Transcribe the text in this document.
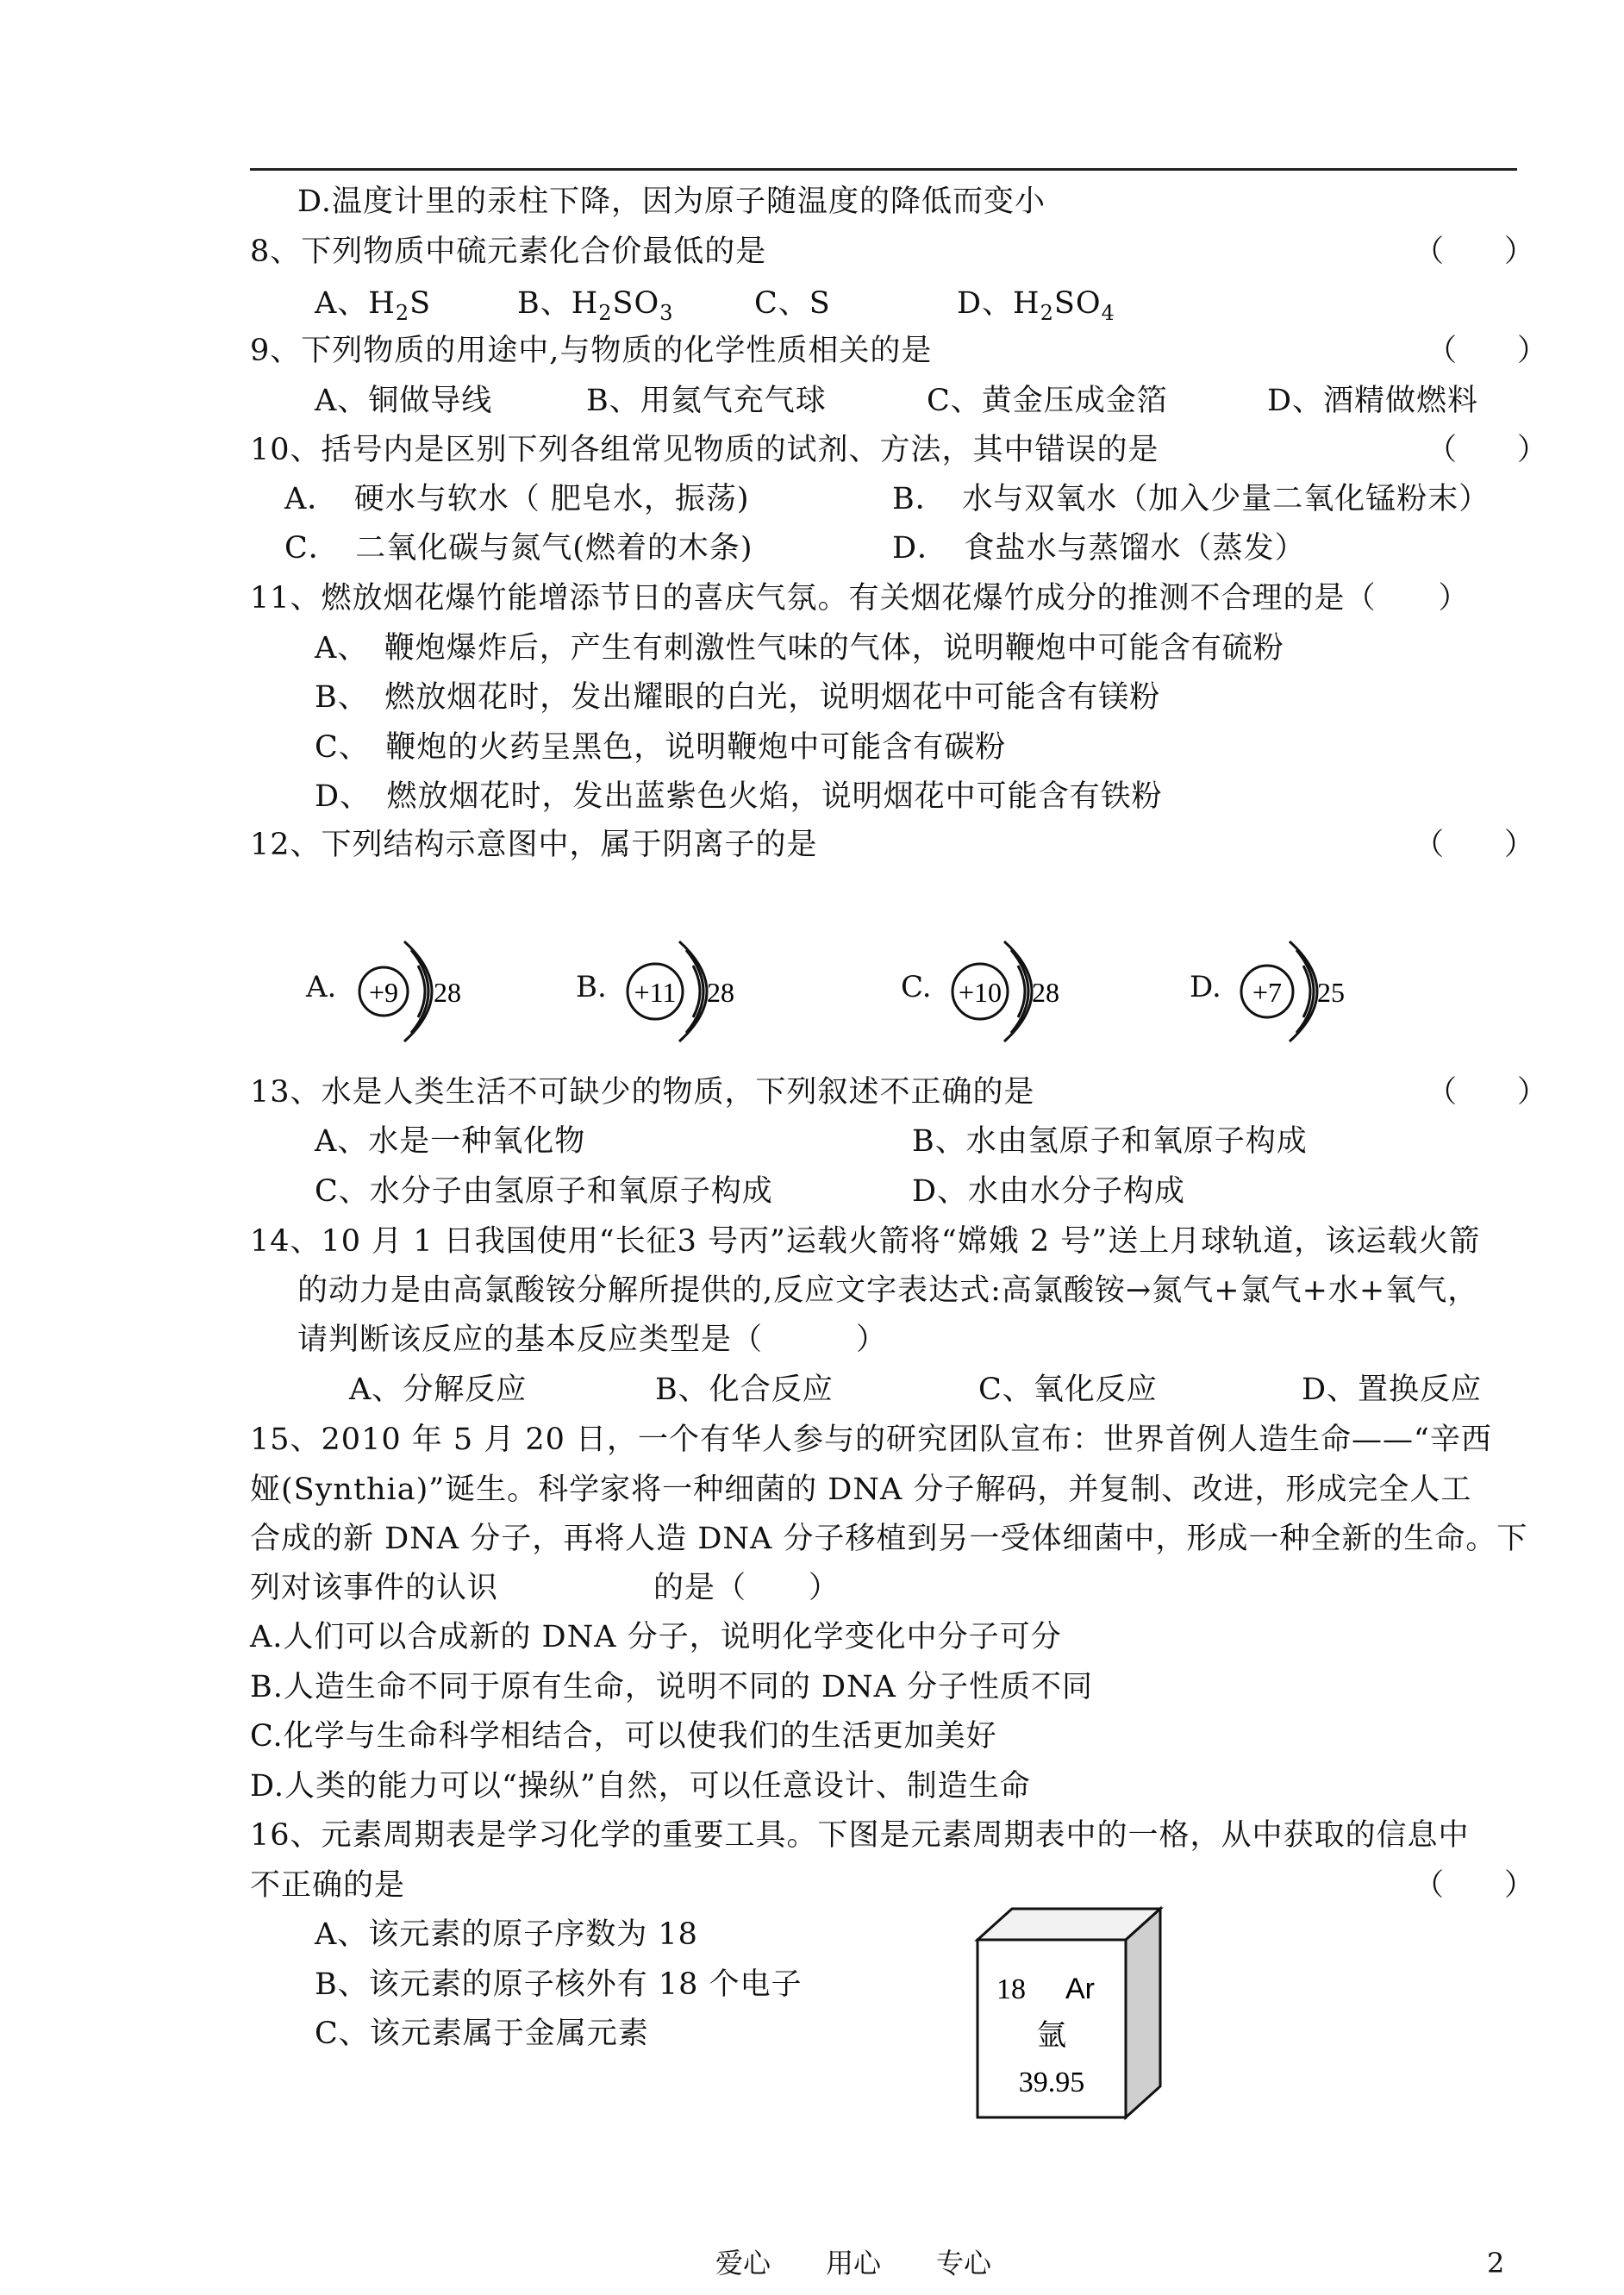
D.温度计里的汞柱下降，因为原子随温度的降低而变小
8、下列物质中硫元素化合价最低的是	（　　）
A、$H_2S$	B、$H_2SO_3$	C、S	D、$H_2SO_4$
9、下列物质的用途中,与物质的化学性质相关的是	（　　）
A、铜做导线	B、用氦气充气球	C、黄金压成金箔	D、酒精做燃料
10、括号内是区别下列各组常见物质的试剂、方法，其中错误的是	（　　）
A．　硬水与软水（ 肥皂水，振荡)	B．　水与双氧水（加入少量二氧化锰粉末）
C．　二氧化碳与氮气(燃着的木条)	D．　食盐水与蒸馏水（蒸发）
11、燃放烟花爆竹能增添节日的喜庆气氛。有关烟花爆竹成分的推测不合理的是（　　）
A、　鞭炮爆炸后，产生有刺激性气味的气体，说明鞭炮中可能含有硫粉
B、　燃放烟花时，发出耀眼的白光，说明烟花中可能含有镁粉
C、　鞭炮的火药呈黑色，说明鞭炮中可能含有碳粉
D、　燃放烟花时，发出蓝紫色火焰，说明烟花中可能含有铁粉
12、下列结构示意图中，属于阴离子的是	（　　）
A. +9 28	B. +11 28	C. +10 28	D. +7 25
13、水是人类生活不可缺少的物质，下列叙述不正确的是	（　　）
A、水是一种氧化物	B、水由氢原子和氧原子构成
C、水分子由氢原子和氧原子构成	D、水由水分子构成
14、10 月 1 日我国使用“长征3 号丙”运载火箭将“嫦娥 2 号”送上月球轨道，该运载火箭
的动力是由高氯酸铵分解所提供的,反应文字表达式:高氯酸铵→氮气+氯气+水+氧气，
请判断该反应的基本反应类型是（　　　）
A、分解反应	B、化合反应	C、氧化反应	D、置换反应
15、2010 年 5 月 20 日，一个有华人参与的研究团队宣布：世界首例人造生命——“辛西
娅(Synthia)”诞生。科学家将一种细菌的 DNA 分子解码，并复制、改进，形成完全人工
合成的新 DNA 分子，再将人造 DNA 分子移植到另一受体细菌中，形成一种全新的生命。下
列对该事件的认识　　　　　的是（　　）
A.人们可以合成新的 DNA 分子，说明化学变化中分子可分
B.人造生命不同于原有生命，说明不同的 DNA 分子性质不同
C.化学与生命科学相结合，可以使我们的生活更加美好
D.人类的能力可以“操纵”自然，可以任意设计、制造生命
16、元素周期表是学习化学的重要工具。下图是元素周期表中的一格，从中获取的信息中
不正确的是	（　　）
A、该元素的原子序数为 18
B、该元素的原子核外有 18 个电子
C、该元素属于金属元素
18 Ar
氩
39.95
爱心　　用心　　专心	2
